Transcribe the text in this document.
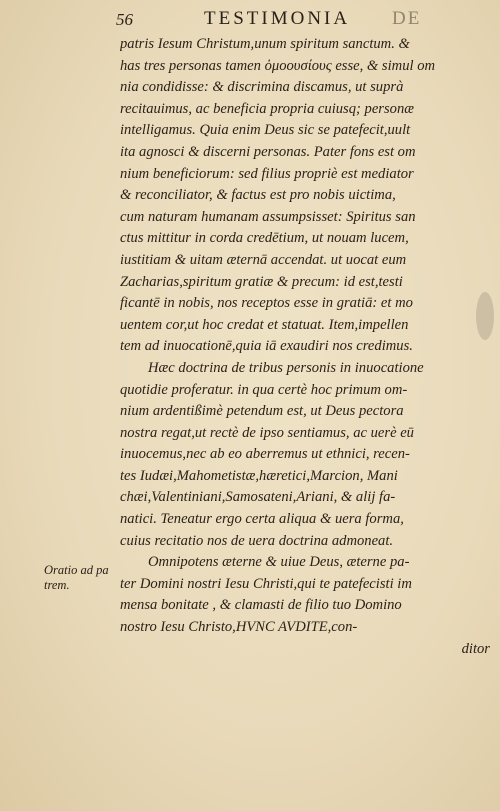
56	TESTIMONIA DE
patris Iesum Christum,unum spiritum sanctum. &
has tres personas tamen ὁμοουσίους esse, & simul om
nia condidisse: & discrimina discamus, ut suprà
recitauimus, ac beneficia propria cuiusq; personæ
intelligamus. Quia enim Deus sic se patefecit,uult
ita agnosci & discerni personas. Pater fons est om
nium beneficiorum: sed filius propriè est mediator
& reconciliator, & factus est pro nobis uictima,
cum naturam humanam assumpsisset: Spiritus san
ctus mittitur in corda credētium, ut nouam lucem,
iustitiam & uitam æternā accendat. ut uocat eum
Zacharias,spiritum gratiæ & precum: id est,testi
ficantē in nobis, nos receptos esse in gratiā: et mo
uentem cor,ut hoc credat et statuat. Item,impellen
tem ad inuocationē,quia iā exaudiri nos credimus.
Hæc doctrina de tribus personis in inuocatione
quotidie proferatur. in qua certè hoc primum om-
nium ardentißimè petendum est, ut Deus pectora
nostra regat,ut rectè de ipso sentiamus, ac uerè eū
inuocemus,nec ab eo aberremus ut ethnici, recen-
tes Iudæi,Mahometistæ,hæretici,Marcion, Mani
chæi,Valentiniani,Samosateni,Ariani, & alij fa-
natici. Teneatur ergo certa aliqua & uera forma,
cuius recitatio nos de uera doctrina admoneat.
Omnipotens æterne & uiue Deus, æterne pa-
ter Domini nostri Iesu Christi,qui te patefecisti im
mensa bonitate , & clamasti de filio tuo Domino
nostro Iesu Christo,HVNC AVDITE,con-
ditor
Oratio ad pa trem.
